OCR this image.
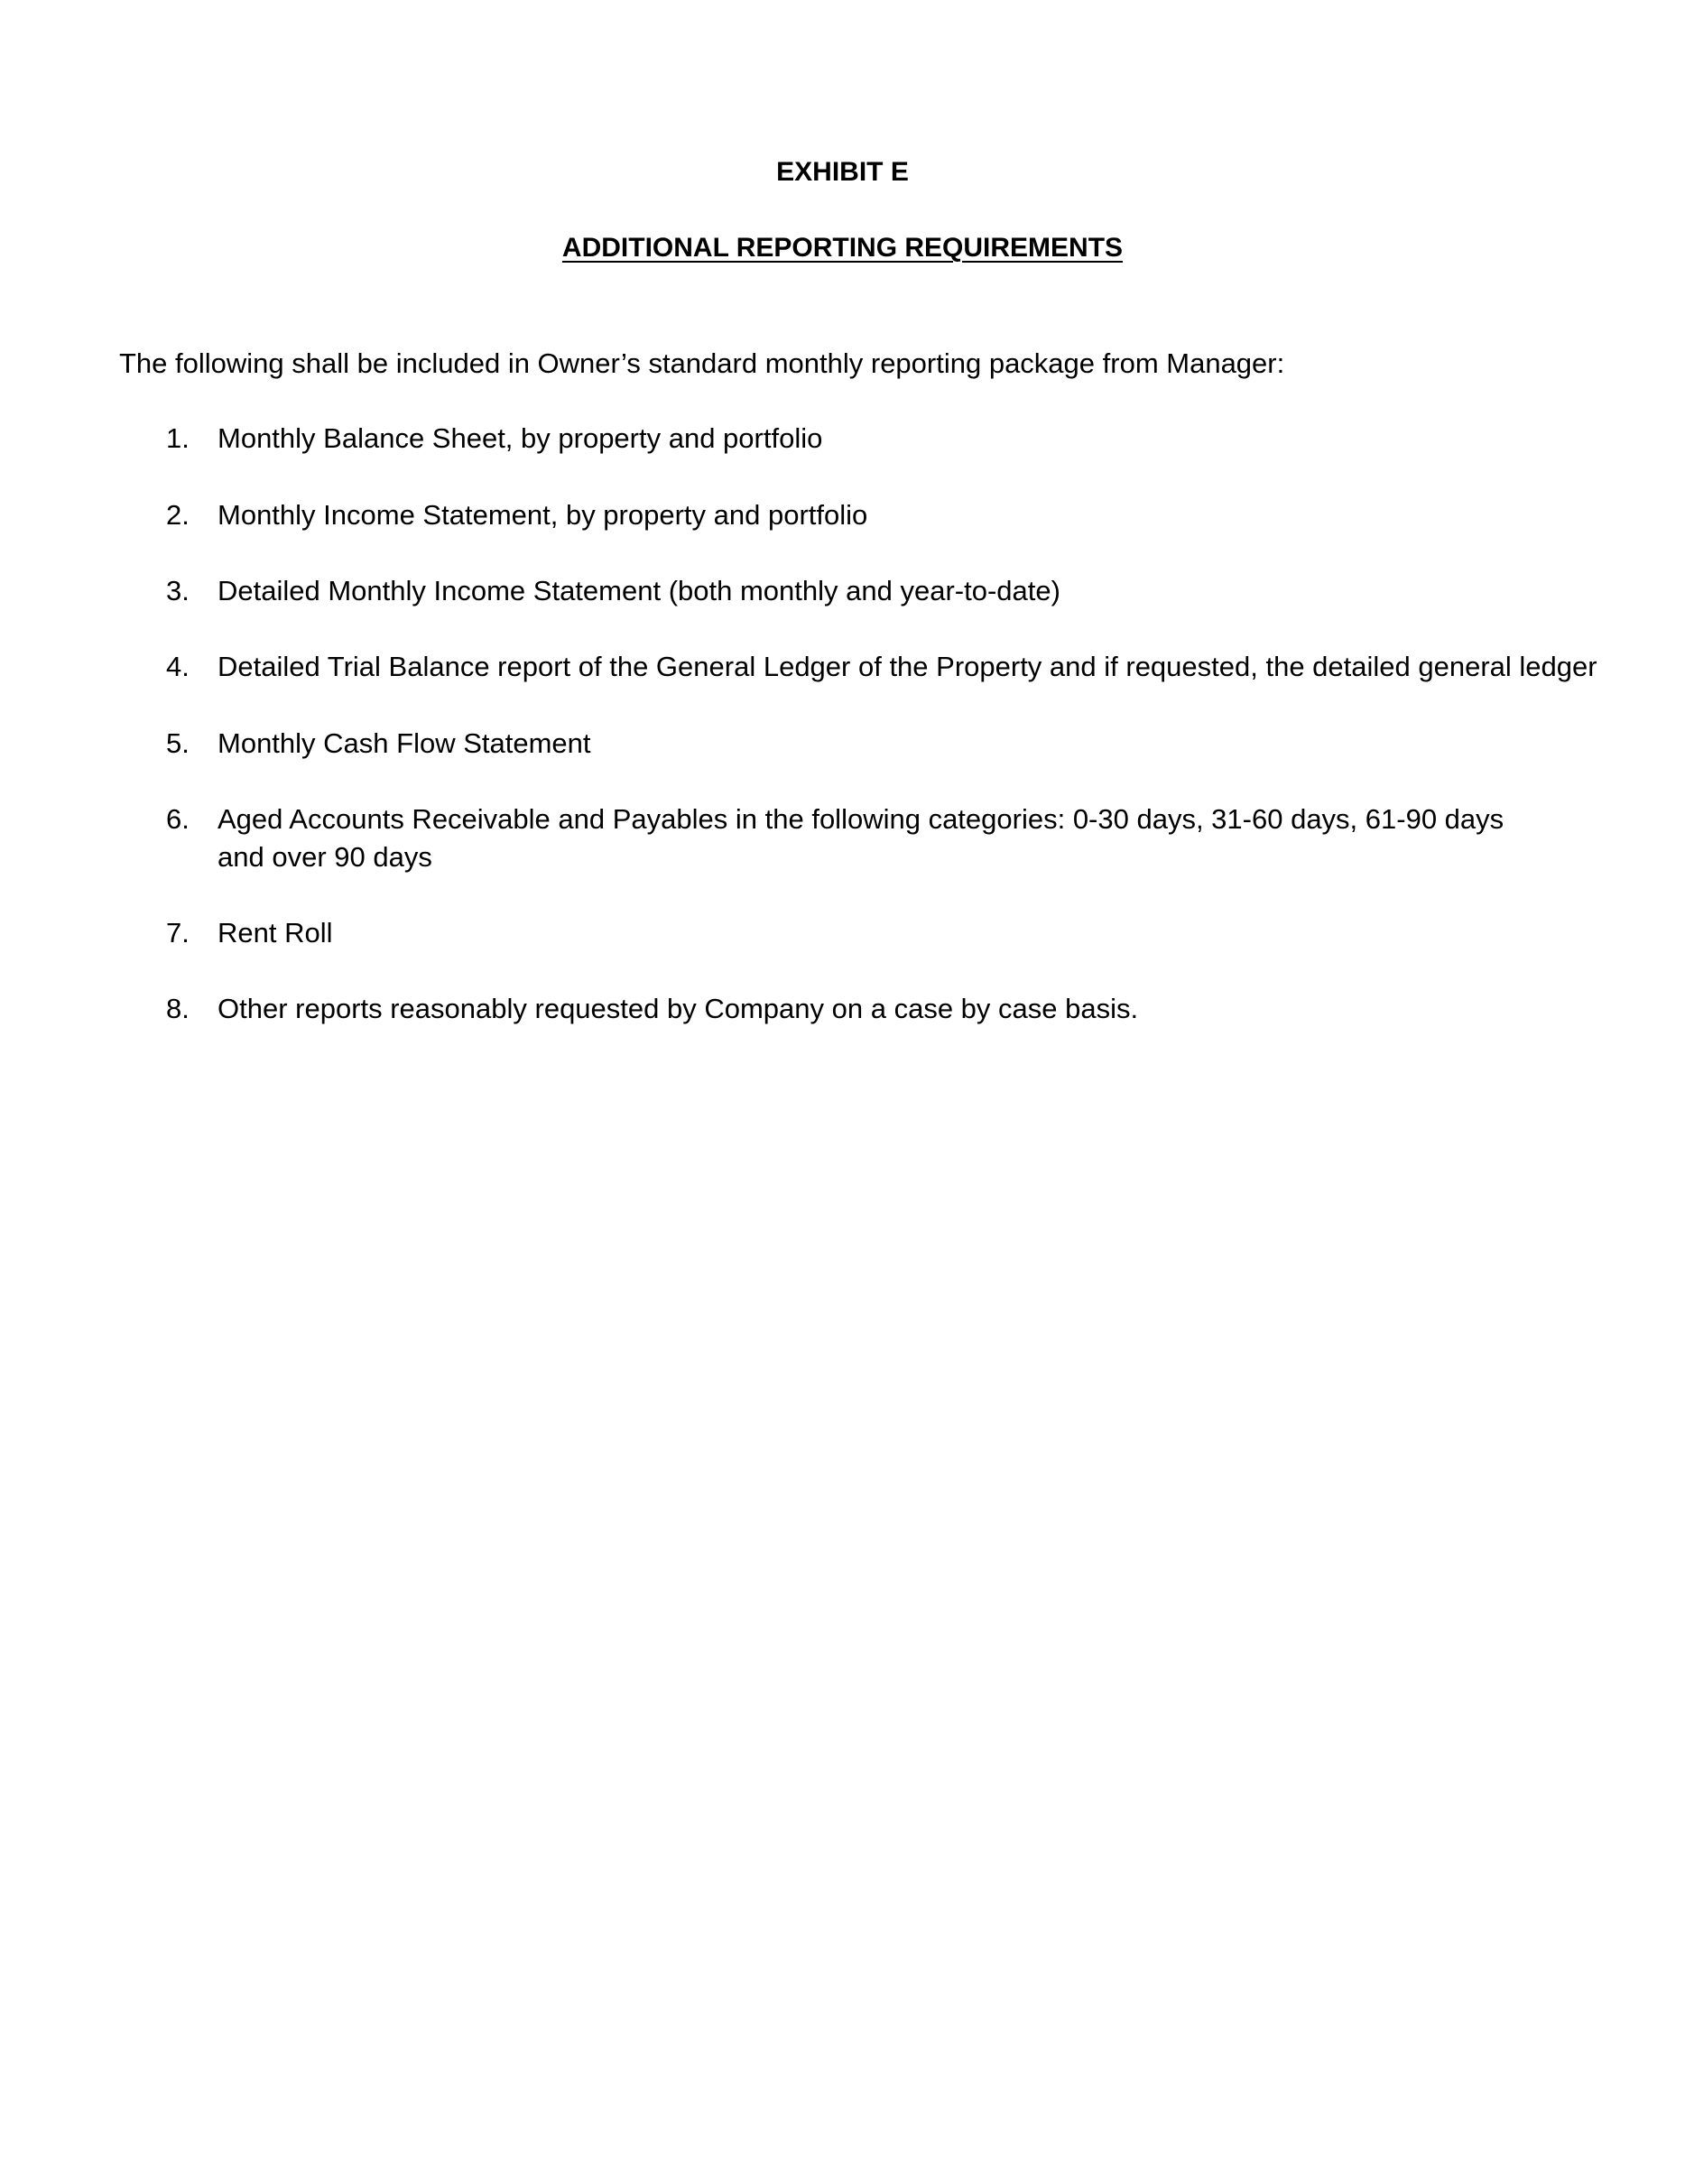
EXHIBIT E
ADDITIONAL REPORTING REQUIREMENTS

The following shall be included in Owner’s standard monthly reporting package from Manager:

1.	Monthly Balance Sheet, by property and portfolio
2.	Monthly Income Statement, by property and portfolio
3.	Detailed Monthly Income Statement (both monthly and year-to-date)
4.	Detailed Trial Balance report of the General Ledger of the Property and if requested, the detailed general ledger
5.	Monthly Cash Flow Statement
6.	Aged Accounts Receivable and Payables in the following categories: 0-30 days, 31-60 days, 61-90 days and over 90 days
7.	Rent Roll
8.	Other reports reasonably requested by Company on a case by case basis.
